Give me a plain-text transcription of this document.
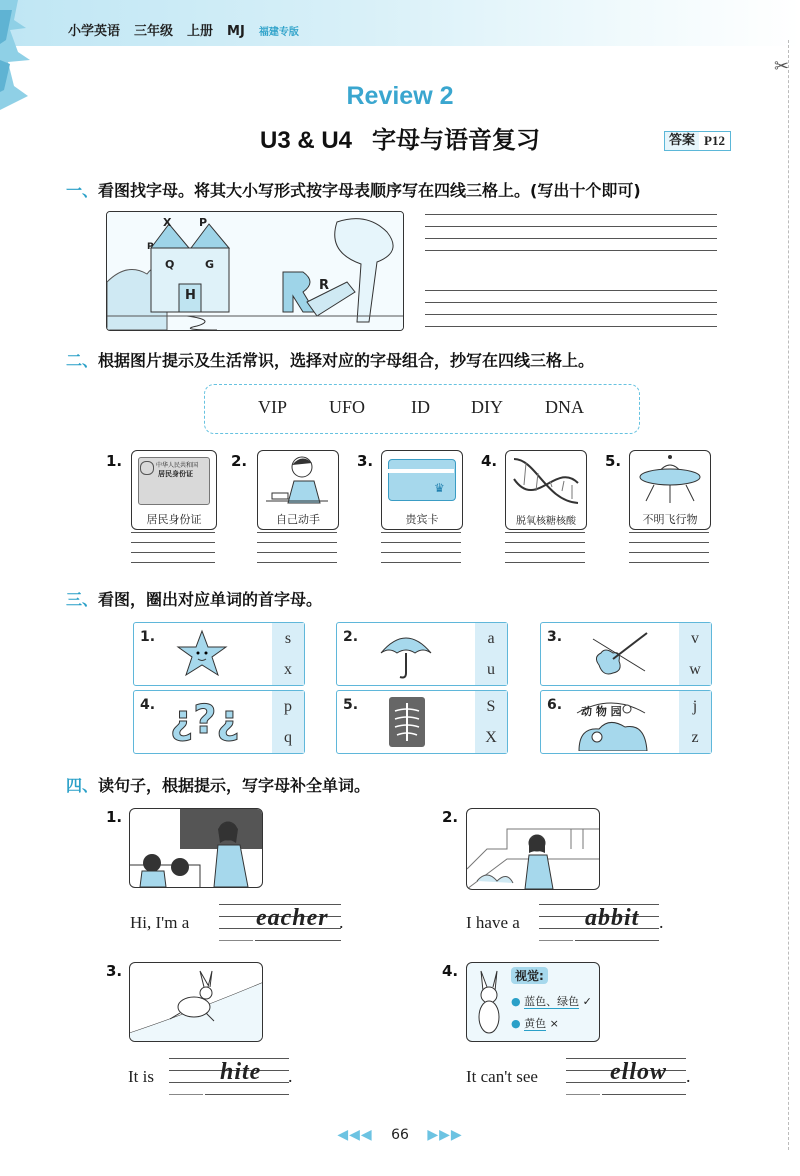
小学英语 三年级 上册 MJ 福建专版
✂
Review 2
U3 & U4   字母与语音复习	答案 P12
一、看图找字母。将其大小写形式按字母表顺序写在四线三格上。(写出十个即可)
X	P
Q	G
H
R
P
二、根据图片提示及生活常识，选择对应的字母组合，抄写在四线三格上。
VIP UFO	ID DIY DNA
1.	中华人民共和国
居民身份证
居民身份证
2.
自己动手
3.
♛
贵宾卡
4.
脱氧核糖核酸
5.
不明飞行物
三、看图，圈出对应单词的首字母。
1.	s
x
2.	a
u
3.	v
w
4. ¿?¿	p
q
5.	S
X
6. 动 物 园	j
z
四、读句子，根据提示，写字母补全单词。
1.
Hi, I'm a	eacher .
2.
I have a	abbit .
3.
It is	hite .
4.	视觉:
● 蓝色、绿色 ✓
● 黄色 ×
It can't see	ellow .
◀◀◀ 66 ▶▶▶
